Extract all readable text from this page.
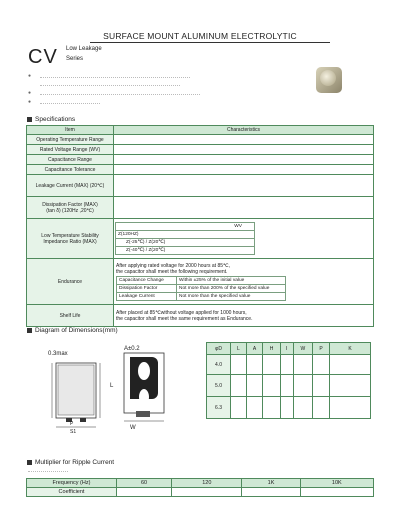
SURFACE MOUNT ALUMINUM ELECTROLYTIC
CV Low Leakage
Series
●
●
●
Specifications
Item	Characteristics
Operating Temperature Range	
Rated Voltage Range (WV)	
Capacitance Range	
Capacitance Tolerance	
Leakage Current (MAX) (20℃)	

Dissipation Factor (MAX)
(tan δ) (120Hz ,20℃)

Low Temperature Stability
Impedance Ratio (MAX)

WV
Z(120HZ)
Z(-25℃) / Z(20℃)
Z(-40℃) / Z(20℃)

Endurance	
After applying rated voltage for 2000 hours at 85℃,
the capacitor shall meet the following requirement.
Capacitance Change	Within ±25% of the initial value
Dissipation Factor	Not more than 200% of the specified value
Leakage Current	Not more than the specified value

Shelf Life	After placed at 85℃without voltage applied for 1000 hours,
the capacitor shall meet the same requirement as Endurance.
Diagram of Dimensions(mm)
0.3max
A±0.2
L
W
P
S1
φD	L	A	H	I	W	P	K
4.0							
5.0							
6.3							
Multiplier for Ripple Current
Frequency (Hz)	60	120	1K	10K
Coefficient				
